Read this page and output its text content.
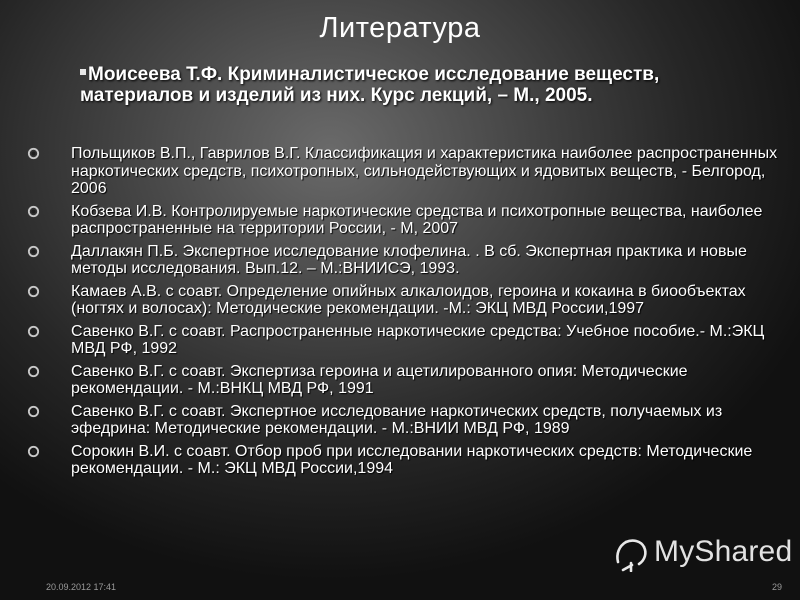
Литература
Моисеева Т.Ф. Криминалистическое исследование веществ, материалов и изделий из них. Курс лекций, – М., 2005.
Польщиков В.П., Гаврилов В.Г. Классификация и характеристика наиболее распространенных наркотических средств, психотропных, сильнодействующих и ядовитых веществ, - Белгород, 2006
Кобзева И.В. Контролируемые наркотические средства и психотропные вещества, наиболее распространенные на территории России, - М, 2007
Даллакян П.Б. Экспертное исследование клофелина. . В сб. Экспертная практика и новые методы исследования. Вып.12. – М.:ВНИИСЭ, 1993.
Камаев А.В. с соавт. Определение опийных алкалоидов, героина и кокаина в биообъектах (ногтях и волосах): Методические рекомендации. -М.: ЭКЦ МВД России,1997
Савенко В.Г. с соавт. Распространенные наркотические средства: Учебное пособие.- М.:ЭКЦ МВД РФ, 1992
Савенко В.Г. с соавт. Экспертиза героина и ацетилированного опия: Методические рекомендации. - М.:ВНКЦ МВД РФ, 1991
Савенко В.Г. с соавт. Экспертное исследование наркотических средств, получаемых из эфедрина: Методические рекомендации. - М.:ВНИИ МВД РФ, 1989
Сорокин В.И. с соавт. Отбор проб при исследовании наркотических средств: Методические рекомендации. - М.: ЭКЦ МВД России,1994
20.09.2012 17:41	29
MyShared
